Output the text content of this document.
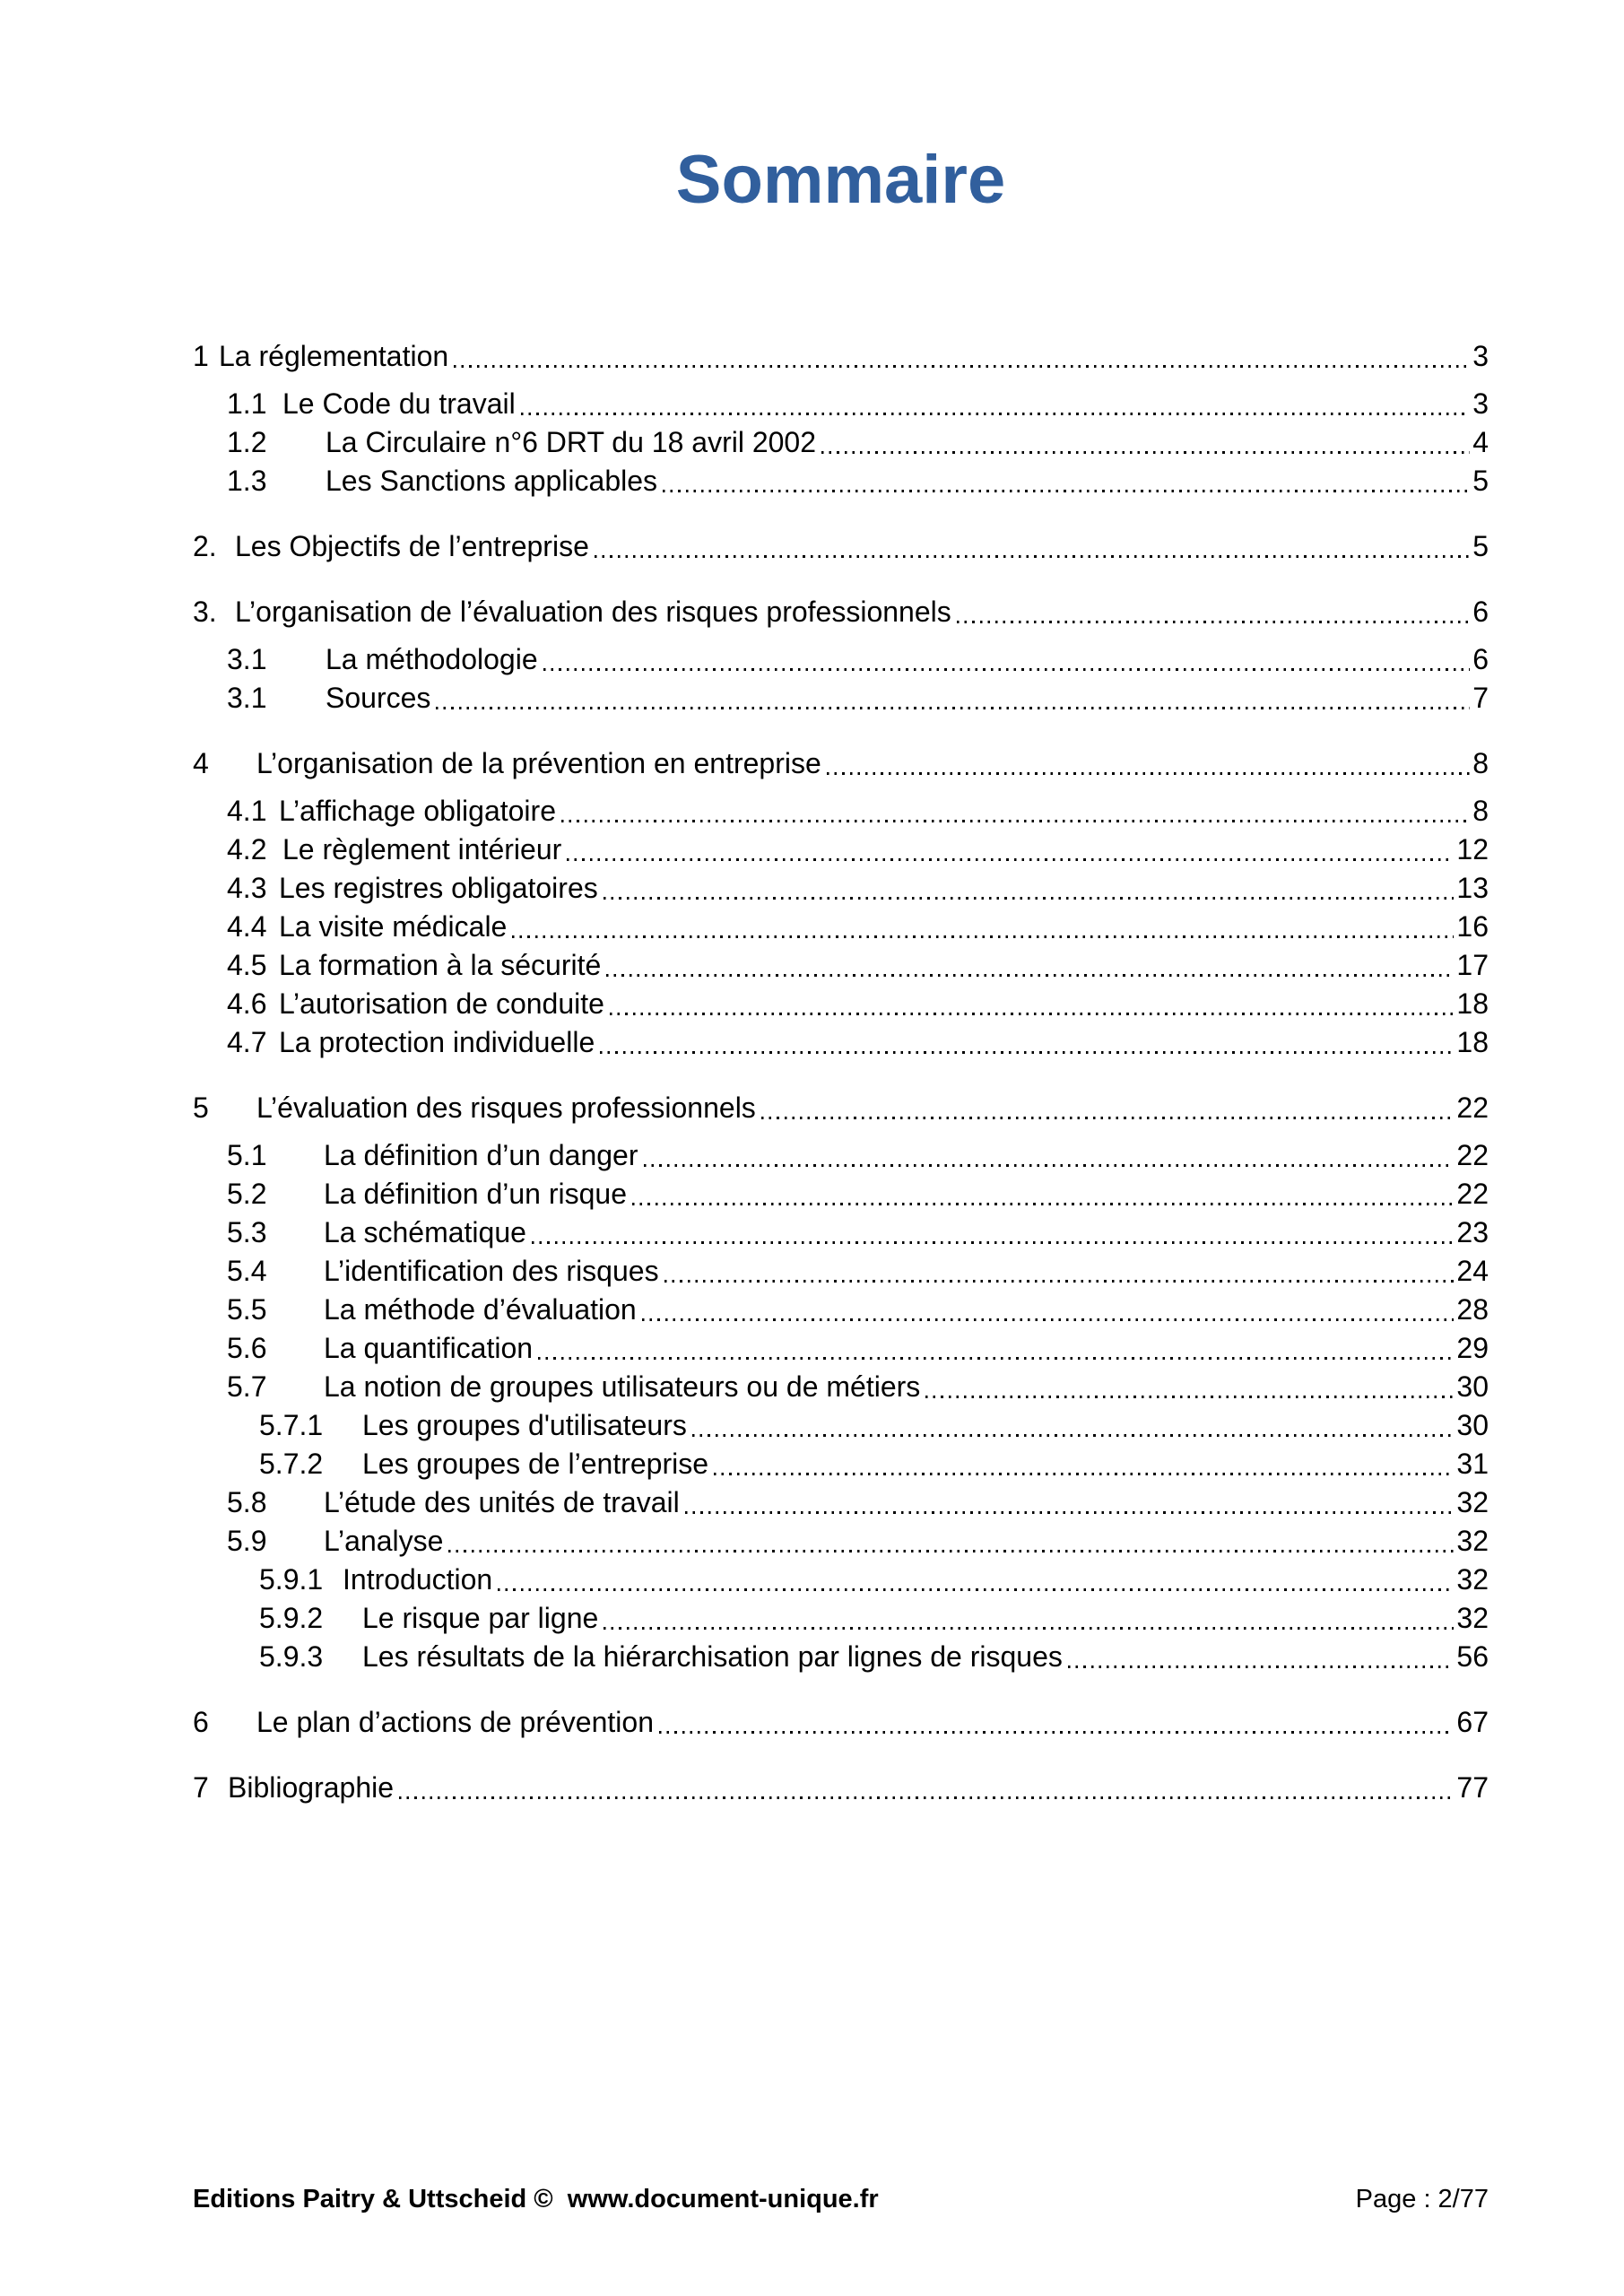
Sommaire
1 La réglementation	3
1.1 Le Code du travail	3
1.2	La Circulaire n°6 DRT du 18 avril 2002	4
1.3	Les Sanctions applicables	5
2. Les Objectifs de l’entreprise	5
3. L’organisation de l’évaluation des risques professionnels	6
3.1	La méthodologie	6
3.1	Sources	7
4	L’organisation de la prévention en entreprise	8
4.1 L’affichage obligatoire	8
4.2 Le règlement intérieur	12
4.3 Les registres obligatoires	13
4.4 La visite médicale	16
4.5 La formation à la sécurité	17
4.6 L’autorisation de conduite	18
4.7 La protection individuelle	18
5	L’évaluation des risques professionnels	22
5.1	La définition d’un danger	22
5.2	La définition d’un risque	22
5.3	La schématique	23
5.4	L’identification des risques	24
5.5	La méthode d’évaluation	28
5.6	La quantification	29
5.7	La notion de groupes utilisateurs ou de métiers	30
5.7.1	Les groupes d'utilisateurs	30
5.7.2	Les groupes de l’entreprise	31
5.8	L’étude des unités de travail	32
5.9	L’analyse	32
5.9.1 Introduction	32
5.9.2	Le risque par ligne	32
5.9.3	Les résultats de la hiérarchisation par lignes de risques	56
6	Le plan d’actions de prévention	67
7 Bibliographie	77
Editions Paitry & Uttscheid ©  www.document-unique.fr	Page : 2/77
